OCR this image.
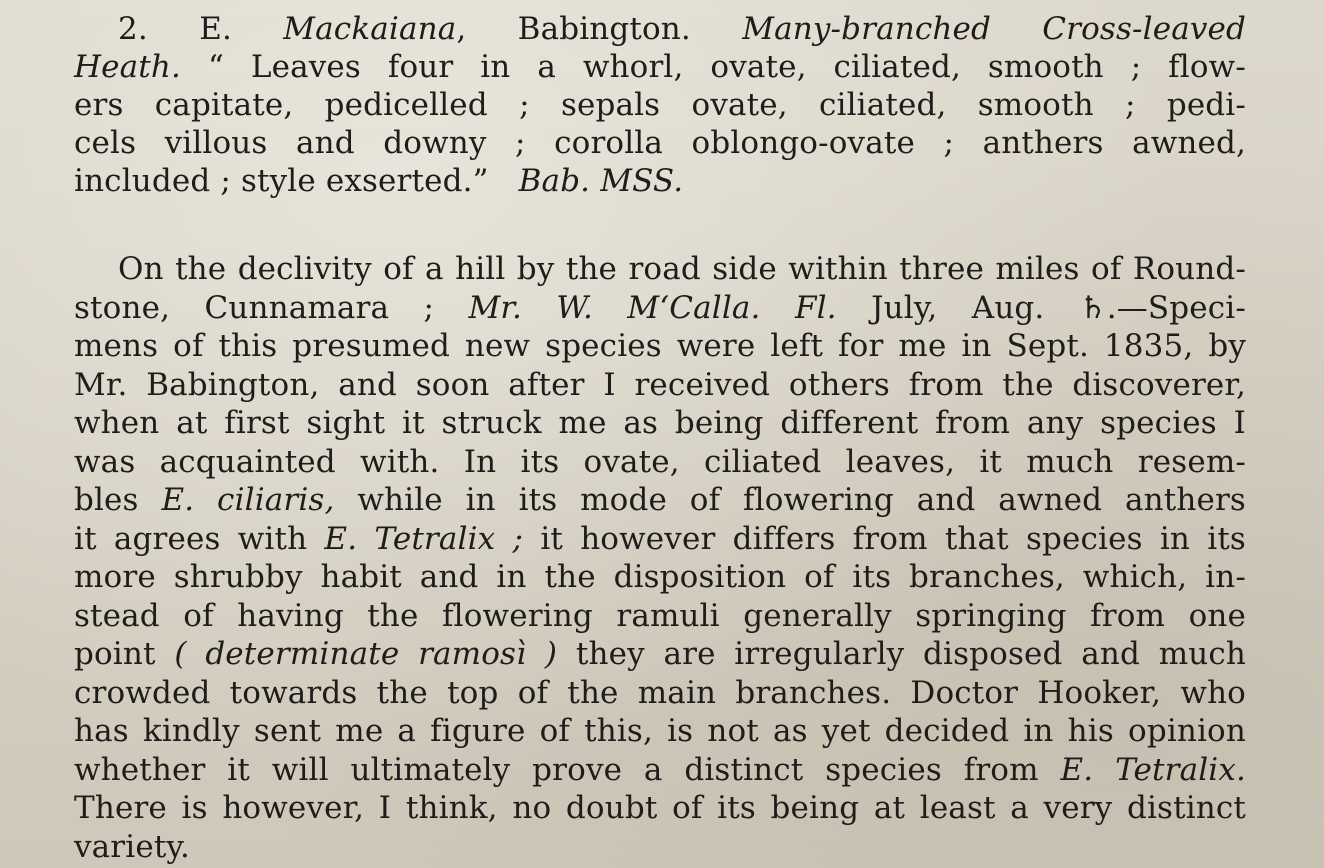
2. E. Mackaiana, Babington. Many-branched Cross-leaved
Heath. “ Leaves four in a whorl, ovate, ciliated, smooth ; flow-
ers capitate, pedicelled ; sepals ovate, ciliated, smooth ; pedi-
cels villous and downy ; corolla oblongo-ovate ; anthers awned,
included ; style exserted.” Bab. MSS.
On the declivity of a hill by the road side within three miles of Round-
stone, Cunnamara ; Mr. W. M‘Calla. Fl. July, Aug. ♄.—Speci-
mens of this presumed new species were left for me in Sept. 1835, by
Mr. Babington, and soon after I received others from the discoverer,
when at first sight it struck me as being different from any species I
was acquainted with. In its ovate, ciliated leaves, it much resem-
bles E. ciliaris, while in its mode of flowering and awned anthers
it agrees with E. Tetralix ; it however differs from that species in its
more shrubby habit and in the disposition of its branches, which, in-
stead of having the flowering ramuli generally springing from one
point ( determinate ramosì ) they are irregularly disposed and much
crowded towards the top of the main branches. Doctor Hooker, who
has kindly sent me a figure of this, is not as yet decided in his opinion
whether it will ultimately prove a distinct species from E. Tetralix.
There is however, I think, no doubt of its being at least a very distinct
variety.
